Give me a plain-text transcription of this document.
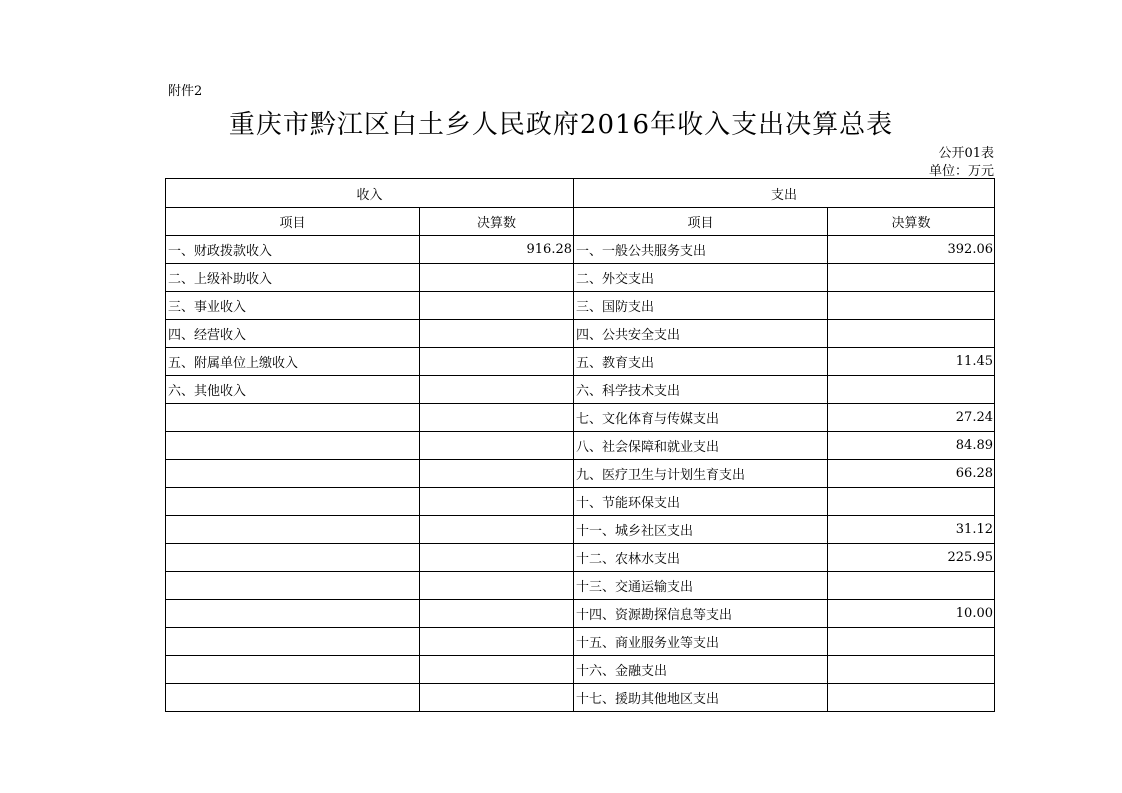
附件2
重庆市黔江区白土乡人民政府2016年收入支出决算总表
公开01表
单位：万元
收入		支出	
项目	决算数	项目	决算数
一、财政拨款收入	916.28	一、一般公共服务支出	392.06
二、上级补助收入		二、外交支出	
三、事业收入		三、国防支出	
四、经营收入		四、公共安全支出	
五、附属单位上缴收入		五、教育支出	11.45
六、其他收入		六、科学技术支出	
		七、文化体育与传媒支出	27.24
		八、社会保障和就业支出	84.89
		九、医疗卫生与计划生育支出	66.28
		十、节能环保支出	
		十一、城乡社区支出	31.12
		十二、农林水支出	225.95
		十三、交通运输支出	
		十四、资源勘探信息等支出	10.00
		十五、商业服务业等支出	
		十六、金融支出	
		十七、援助其他地区支出	
